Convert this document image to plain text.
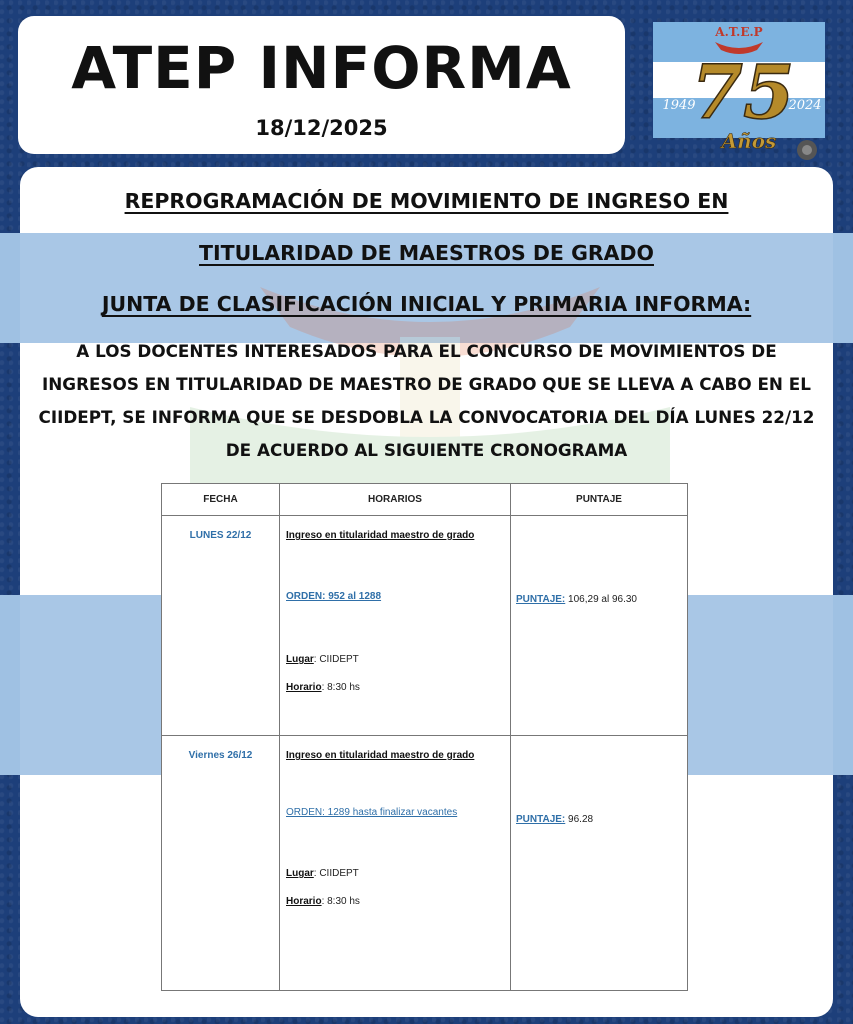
ATEP INFORMA
18/12/2025
A.T.E.P
75
Años
1949	2024
REPROGRAMACIÓN DE MOVIMIENTO DE INGRESO EN
TITULARIDAD DE MAESTROS DE GRADO
JUNTA DE CLASIFICACIÓN INICIAL Y PRIMARIA INFORMA:
A LOS DOCENTES INTERESADOS PARA EL CONCURSO DE MOVIMIENTOS DE INGRESOS EN TITULARIDAD DE MAESTRO DE GRADO QUE SE LLEVA A CABO EN EL CIIDEPT, SE INFORMA QUE SE DESDOBLA LA CONVOCATORIA DEL DÍA LUNES 22/12 DE ACUERDO AL SIGUIENTE CRONOGRAMA
FECHA	HORARIOS	PUNTAJE
LUNES 22/12	Ingreso en titularidad maestro de grado
ORDEN: 952 al 1288
Lugar: CIIDEPT
Horario: 8:30 hs	PUNTAJE: 106,29 al 96.30

Viernes 26/12	Ingreso en titularidad maestro de grado
ORDEN: 1289 hasta finalizar vacantes
Lugar: CIIDEPT
Horario: 8:30 hs	PUNTAJE: 96.28
